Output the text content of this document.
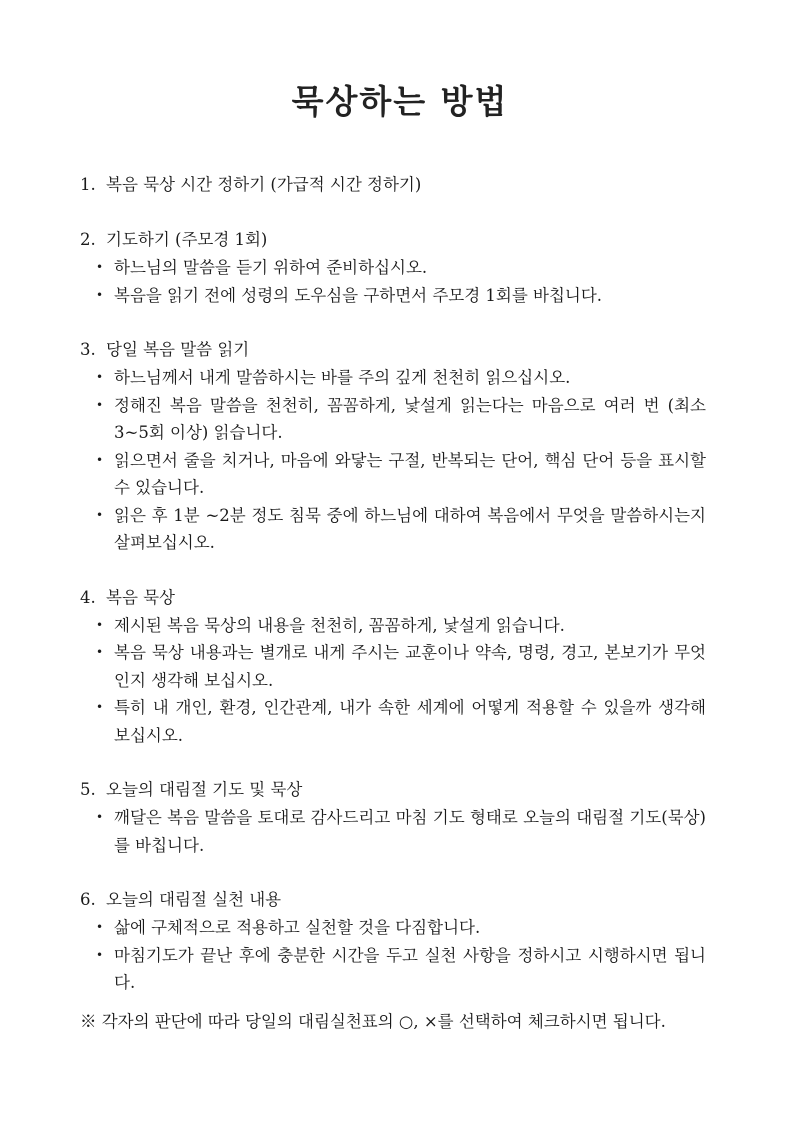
묵상하는 방법
1. 복음 묵상 시간 정하기 (가급적 시간 정하기)
2. 기도하기 (주모경 1회)
• 하느님의 말씀을 듣기 위하여 준비하십시오.
• 복음을 읽기 전에 성령의 도우심을 구하면서 주모경 1회를 바칩니다.
3. 당일 복음 말씀 읽기
• 하느님께서 내게 말씀하시는 바를 주의 깊게 천천히 읽으십시오.
• 정해진 복음 말씀을 천천히, 꼼꼼하게, 낯설게 읽는다는 마음으로 여러 번 (최소 3~5회 이상) 읽습니다.
• 읽으면서 줄을 치거나, 마음에 와닿는 구절, 반복되는 단어, 핵심 단어 등을 표시할 수 있습니다.
• 읽은 후 1분 ~2분 정도 침묵 중에 하느님에 대하여 복음에서 무엇을 말씀하시는지 살펴보십시오.
4. 복음 묵상
• 제시된 복음 묵상의 내용을 천천히, 꼼꼼하게, 낯설게 읽습니다.
• 복음 묵상 내용과는 별개로 내게 주시는 교훈이나 약속, 명령, 경고, 본보기가 무엇인지 생각해 보십시오.
• 특히 내 개인, 환경, 인간관계, 내가 속한 세계에 어떻게 적용할 수 있을까 생각해 보십시오.
5. 오늘의 대림절 기도 및 묵상
• 깨달은 복음 말씀을 토대로 감사드리고 마침 기도 형태로 오늘의 대림절 기도(묵상)를 바칩니다.
6. 오늘의 대림절 실천 내용
• 삶에 구체적으로 적용하고 실천할 것을 다짐합니다.
• 마침기도가 끝난 후에 충분한 시간을 두고 실천 사항을 정하시고 시행하시면 됩니다.
※ 각자의 판단에 따라 당일의 대림실천표의 ○, ×를 선택하여 체크하시면 됩니다.
